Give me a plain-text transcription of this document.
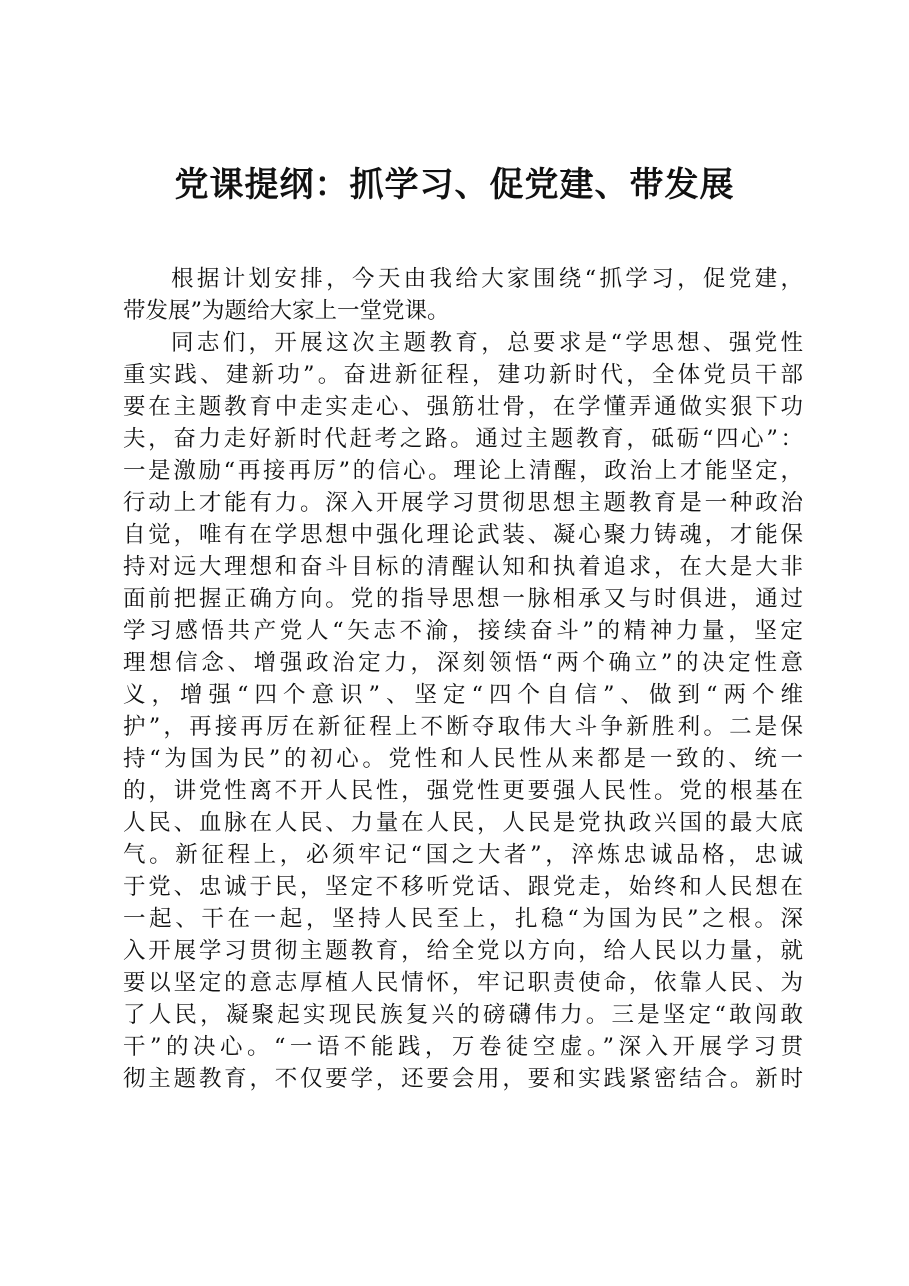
党课提纲：抓学习、促党建、带发展
根据计划安排，今天由我给大家围绕“抓学习，促党建，
带发展”为题给大家上一堂党课。
同志们，开展这次主题教育，总要求是“学思想、强党性
重实践、建新功”。奋进新征程，建功新时代，全体党员干部
要在主题教育中走实走心、强筋壮骨，在学懂弄通做实狠下功
夫，奋力走好新时代赶考之路。通过主题教育，砥砺“四心”：
一是激励“再接再厉”的信心。理论上清醒，政治上才能坚定，
行动上才能有力。深入开展学习贯彻思想主题教育是一种政治
自觉，唯有在学思想中强化理论武装、凝心聚力铸魂，才能保
持对远大理想和奋斗目标的清醒认知和执着追求，在大是大非
面前把握正确方向。党的指导思想一脉相承又与时俱进，通过
学习感悟共产党人“矢志不渝，接续奋斗”的精神力量，坚定
理想信念、增强政治定力，深刻领悟“两个确立”的决定性意
义，增强“四个意识”、坚定“四个自信”、做到“两个维
护”，再接再厉在新征程上不断夺取伟大斗争新胜利。二是保
持“为国为民”的初心。党性和人民性从来都是一致的、统一
的，讲党性离不开人民性，强党性更要强人民性。党的根基在
人民、血脉在人民、力量在人民，人民是党执政兴国的最大底
气。新征程上，必须牢记“国之大者”，淬炼忠诚品格，忠诚
于党、忠诚于民，坚定不移听党话、跟党走，始终和人民想在
一起、干在一起，坚持人民至上，扎稳“为国为民”之根。深
入开展学习贯彻主题教育，给全党以方向，给人民以力量，就
要以坚定的意志厚植人民情怀，牢记职责使命，依靠人民、为
了人民，凝聚起实现民族复兴的磅礴伟力。三是坚定“敢闯敢
干”的决心。“一语不能践，万卷徒空虚。”深入开展学习贯
彻主题教育，不仅要学，还要会用，要和实践紧密结合。新时
